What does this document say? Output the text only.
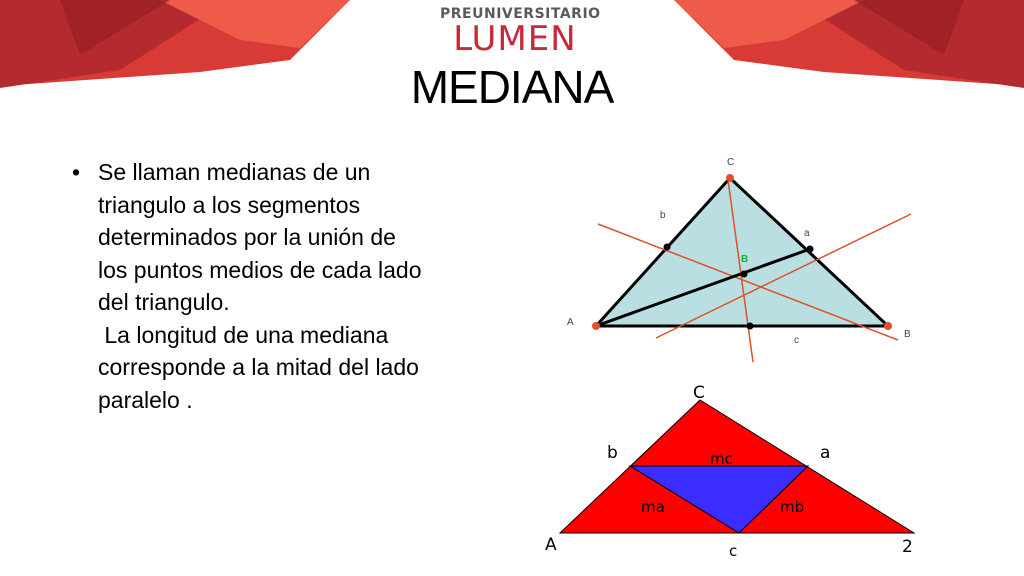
PREUNIVERSITARIO
LUMEN
MEDIANA
• Se llaman medianas de un
triangulo a los segmentos
determinados por la unión de
los puntos medios de cada lado
del triangulo.
La longitud de una mediana
corresponde a la mitad del lado
paralelo .
C
A
B
b
a
c
B
C
A	2
b	a
c
mc
ma	mb
